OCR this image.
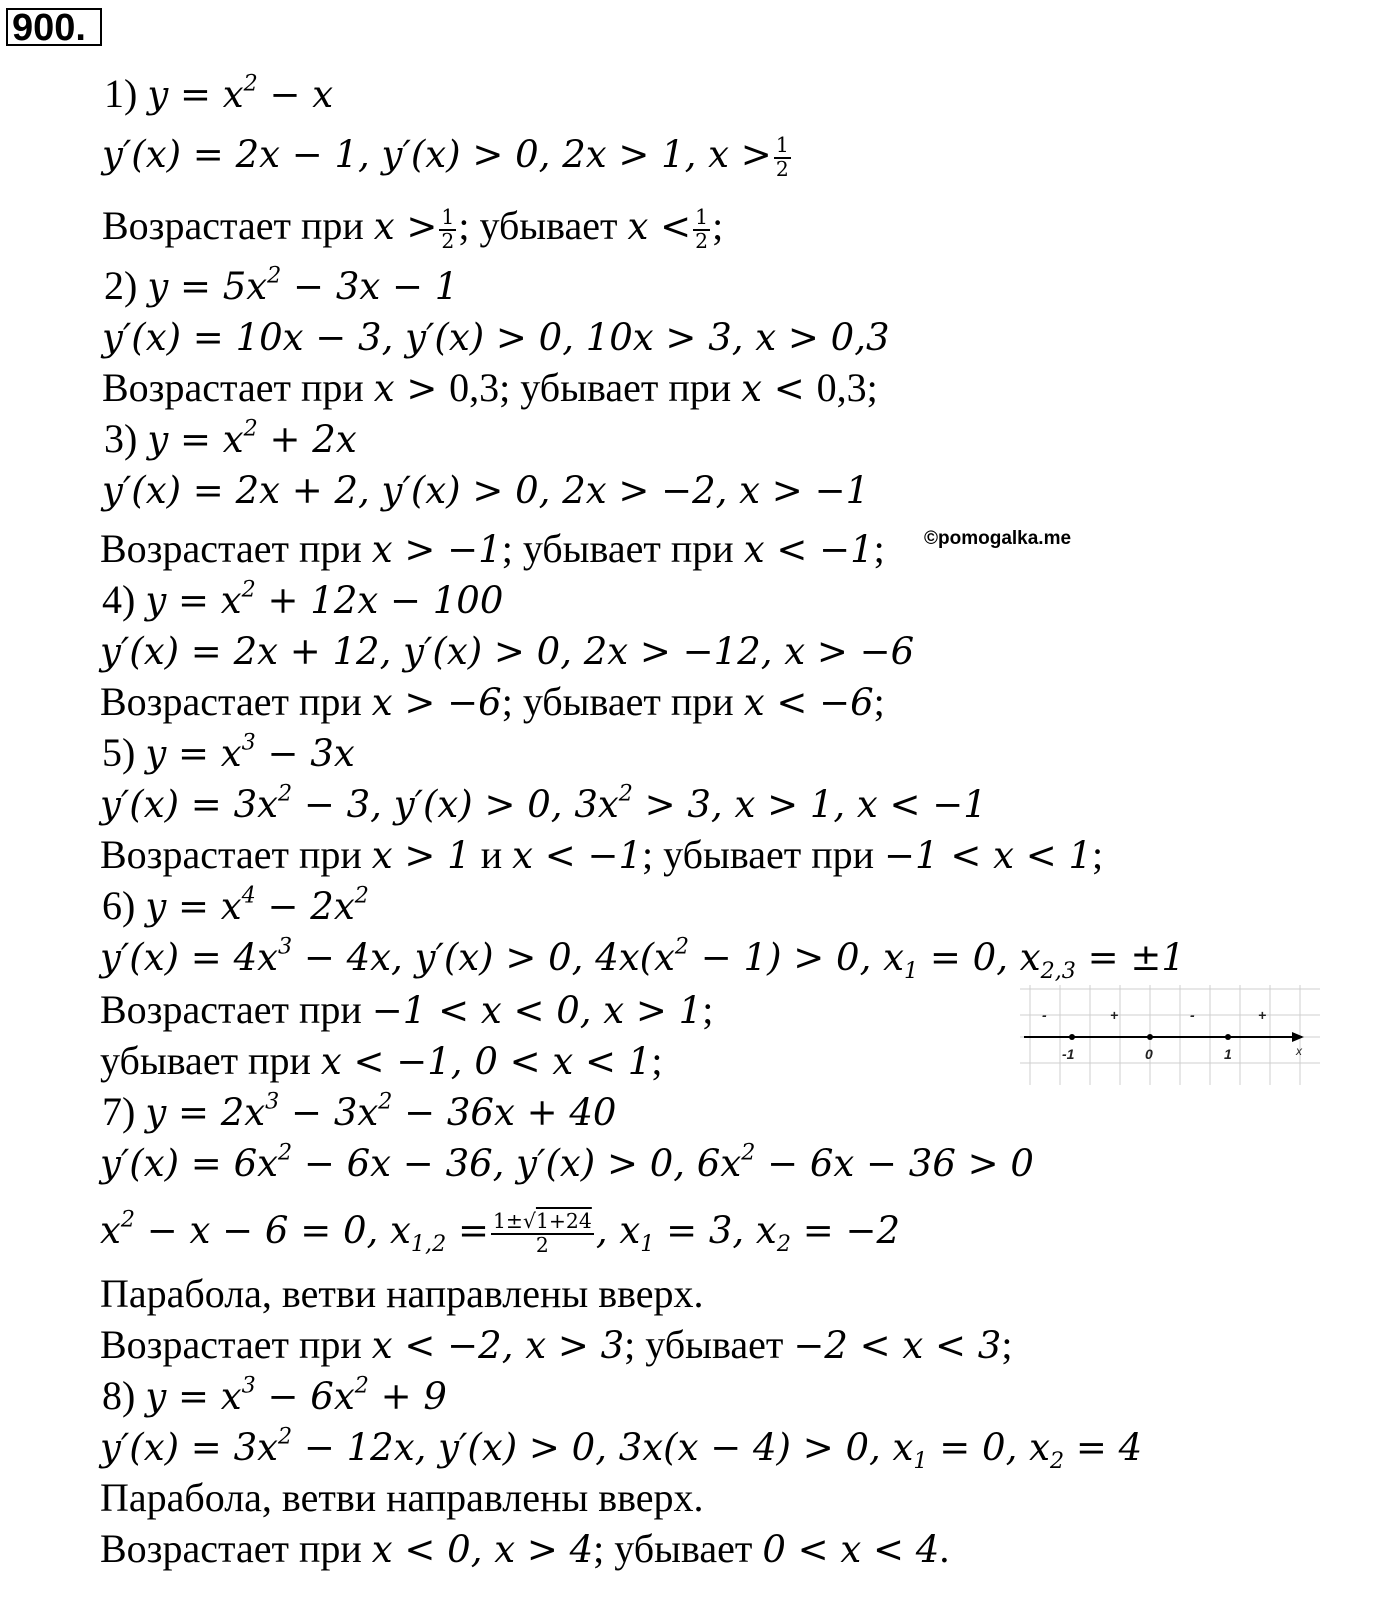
900.
1) $y = x^2 - x$
y′(x) = 2x − 1, y′(x) > 0, 2x > 1, $x > \frac{1}{2}$
Возрастает при $x > \frac{1}{2}$ ; убывает $x < \frac{1}{2}$ ;
2) $y = 5x^2 - 3x - 1$
y′(x) = 10x − 3, y′(x) > 0, 10x > 3, x > 0,3
Возрастает при x > 0,3; убывает при x < 0,3;
3) $y = x^2 + 2x$
y′(x) = 2x + 2, y′(x) > 0, 2x > −2, x > −1
Возрастает при x > −1; убывает при x < −1; ©pomogalka.me
4) $y = x^2 + 12x - 100$
y′(x) = 2x + 12, y′(x) > 0, 2x > −12, x > −6
Возрастает при x > −6; убывает при x < −6;
5) $y = x^3 - 3x$
$y'(x) = 3x^2 - 3$, y′(x) > 0, $3x^2 > 3$, x > 1, x < −1
Возрастает при x > 1 и x < −1; убывает при −1 < x < 1;
6) $y = x^4 - 2x^2$
$y'(x) = 4x^3 - 4x$, y′(x) > 0, $4x(x^2 - 1) > 0$, $x_1 = 0$, $x_{2,3} = \pm 1$
Возрастает при −1 < x < 0, x > 1;
убывает при x < −1, 0 < x < 1;
-	+	-	+
-1	0	1	x
7) $y = 2x^3 - 3x^2 - 36x + 40$
$y'(x) = 6x^2 - 6x - 36$, y′(x) > 0, $6x^2 - 6x - 36 > 0$
$x^2 - x - 6 = 0$, $x_{1,2} = \frac{1\pm√1+24}{2}$ , $x_1 = 3$, $x_2 = -2$
Парабола, ветви направлены вверх.
Возрастает при x < −2, x > 3; убывает −2 < x < 3;
8) $y = x^3 - 6x^2 + 9$
$y'(x) = 3x^2 - 12x$, y′(x) > 0, 3x(x − 4) > 0, $x_1 = 0$, $x_2 = 4$
Парабола, ветви направлены вверх.
Возрастает при x < 0, x > 4; убывает 0 < x < 4.
